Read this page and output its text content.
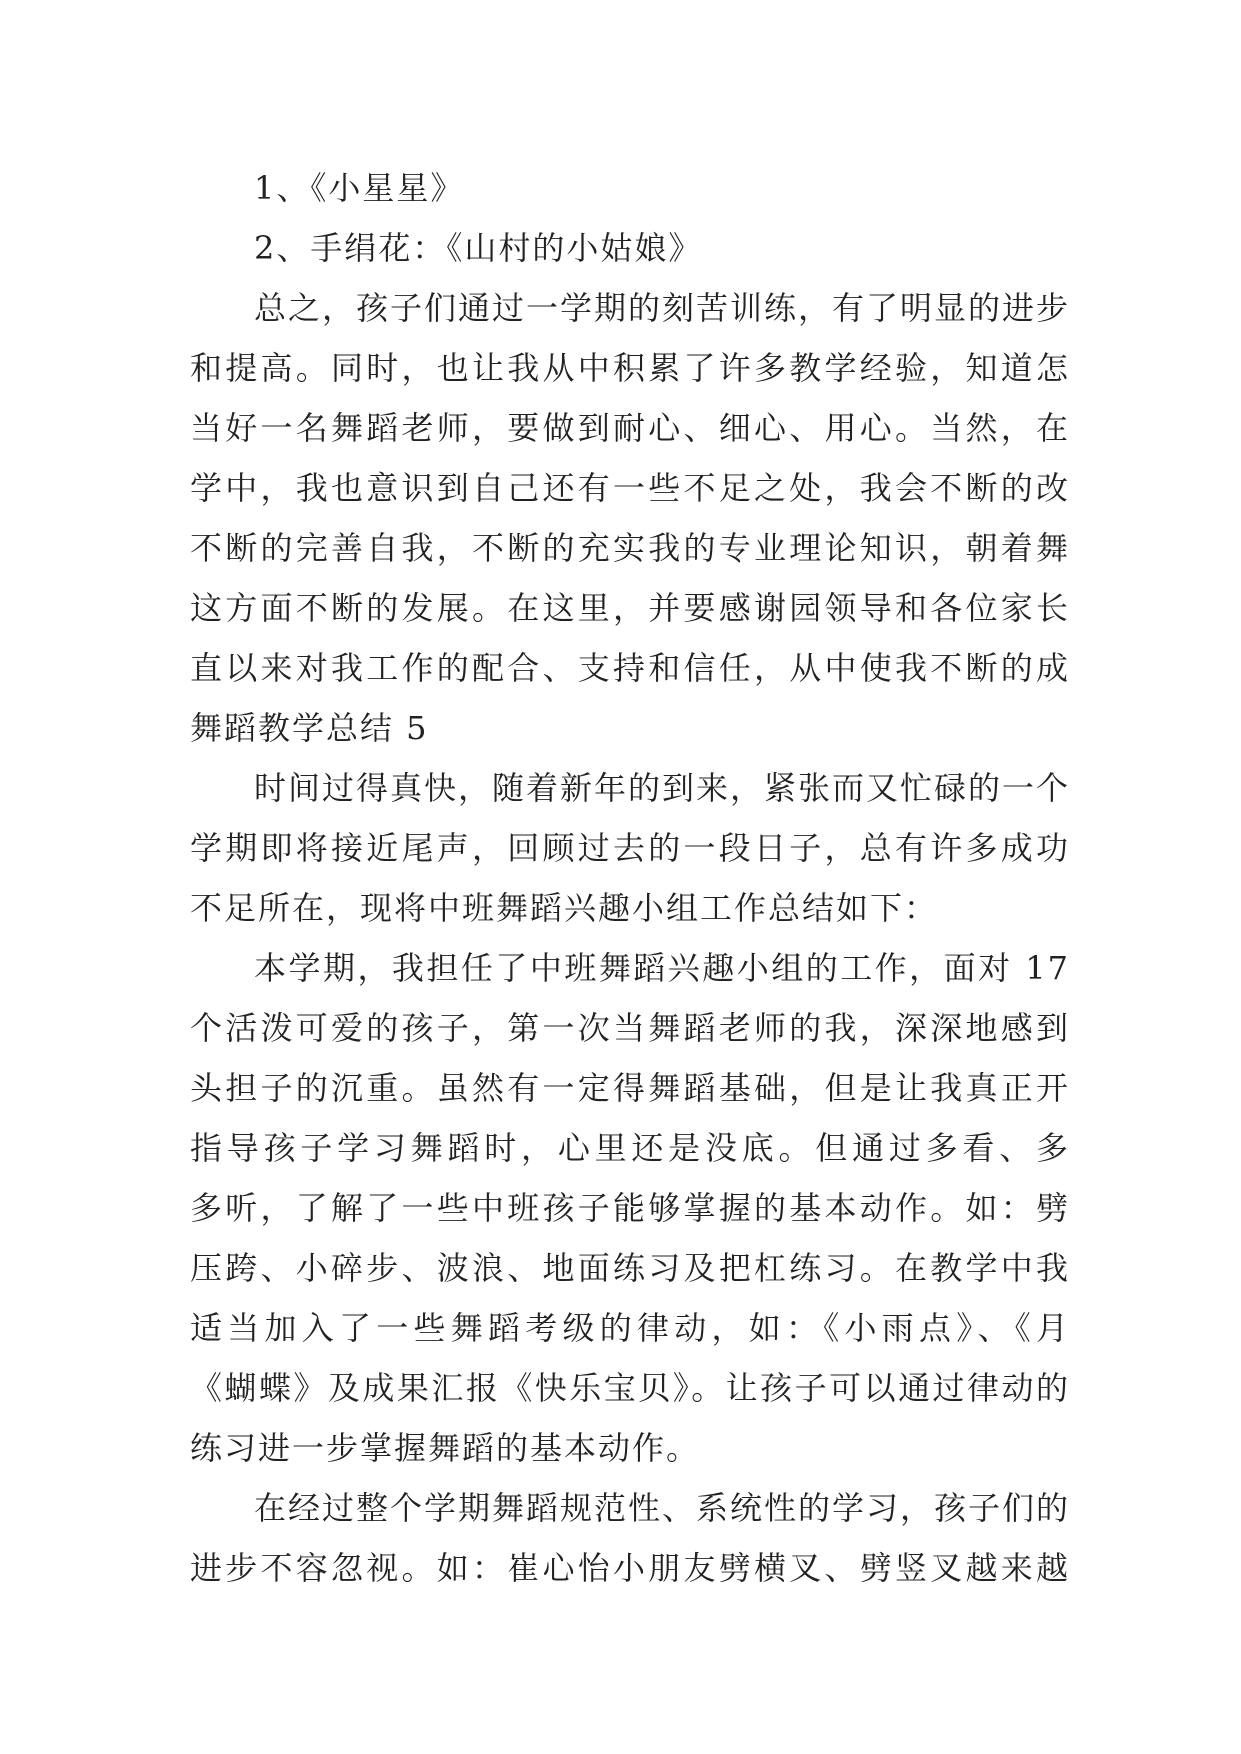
1、《小星星》
2、手绢花：《山村的小姑娘》
总之，孩子们通过一学期的刻苦训练，有了明显的进步
和提高。同时，也让我从中积累了许多教学经验，知道怎
当好一名舞蹈老师，要做到耐心、细心、用心。当然，在
学中，我也意识到自己还有一些不足之处，我会不断的改
不断的完善自我，不断的充实我的专业理论知识，朝着舞
这方面不断的发展。在这里，并要感谢园领导和各位家长
直以来对我工作的配合、支持和信任，从中使我不断的成
舞蹈教学总结 5
时间过得真快，随着新年的到来，紧张而又忙碌的一个
学期即将接近尾声，回顾过去的一段日子，总有许多成功
不足所在，现将中班舞蹈兴趣小组工作总结如下：
本学期，我担任了中班舞蹈兴趣小组的工作，面对 17
个活泼可爱的孩子，第一次当舞蹈老师的我，深深地感到
头担子的沉重。虽然有一定得舞蹈基础，但是让我真正开
指导孩子学习舞蹈时，心里还是没底。但通过多看、多
多听，了解了一些中班孩子能够掌握的基本动作。如：劈
压跨、小碎步、波浪、地面练习及把杠练习。在教学中我
适当加入了一些舞蹈考级的律动，如：《小雨点》、《月
《蝴蝶》及成果汇报《快乐宝贝》。让孩子可以通过律动的
练习进一步掌握舞蹈的基本动作。
在经过整个学期舞蹈规范性、系统性的学习，孩子们的
进步不容忽视。如：崔心怡小朋友劈横叉、劈竖叉越来越
